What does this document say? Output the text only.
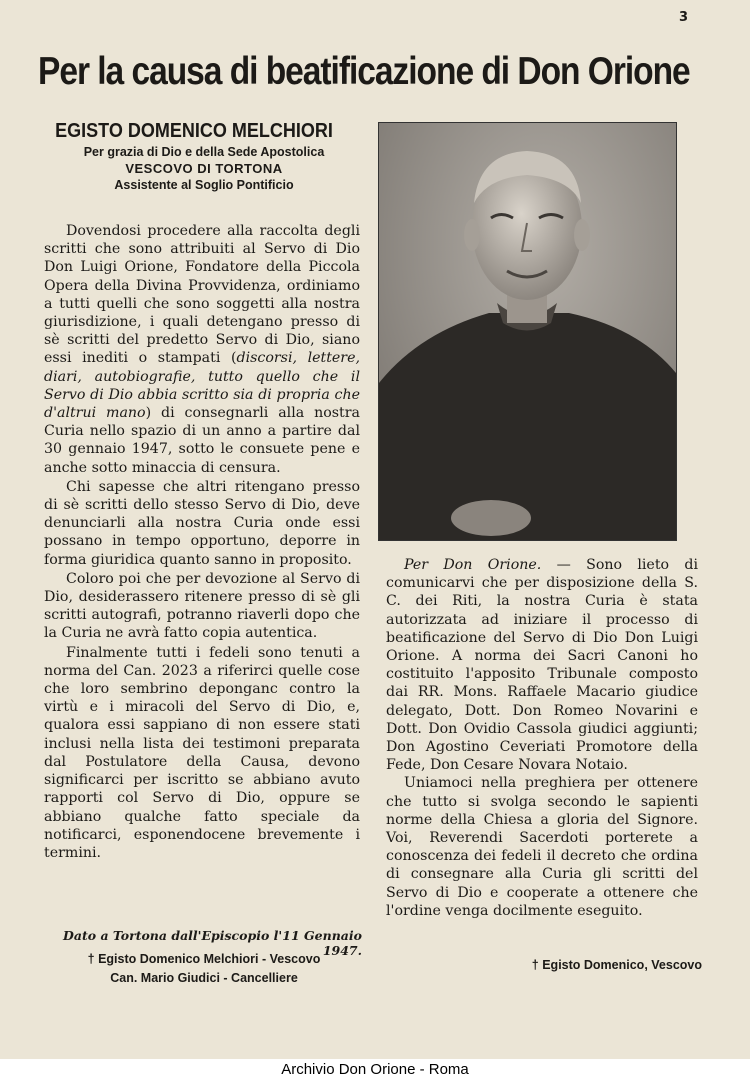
3
Per la causa di beatificazione di Don Orione
EGISTO DOMENICO MELCHIORI
Per grazia di Dio e della Sede Apostolica
VESCOVO DI TORTONA
Assistente al Soglio Pontificio

Dovendosi procedere alla raccolta degli scritti che sono attribuiti al Servo di Dio Don Luigi Orione, Fondatore della Piccola Opera della Divina Provvidenza, ordiniamo a tutti quelli che sono soggetti alla nostra giurisdizione, i quali detengano presso di sè scritti del predetto Servo di Dio, siano essi inediti o stampati (discorsi, lettere, diari, autobiografie, tutto quello che il Servo di Dio abbia scritto sia di propria che d'altrui mano) di consegnarli alla nostra Curia nello spazio di un anno a partire dal 30 gennaio 1947, sotto le consuete pene e anche sotto minaccia di censura.

Chi sapesse che altri ritengano presso di sè scritti dello stesso Servo di Dio, deve denunciarli alla nostra Curia onde essi possano in tempo opportuno, deporre in forma giuridica quanto sanno in proposito.

Coloro poi che per devozione al Servo di Dio, desiderassero ritenere presso di sè gli scritti autografi, potranno riaverli dopo che la Curia ne avrà fatto copia autentica.

Finalmente tutti i fedeli sono tenuti a norma del Can. 2023 a riferirci quelle cose che loro sembrino deponganc contro la virtù e i miracoli del Servo di Dio, e, qualora essi sappiano di non essere stati inclusi nella lista dei testimoni preparata dal Postulatore della Causa, devono significarci per iscritto se abbiano avuto rapporti col Servo di Dio, oppure se abbiano qualche fatto speciale da notificarci, esponendocene brevemente i termini.

Dato a Tortona dall'Episcopio l'11 Gennaio 1947.
† Egisto Domenico Melchiori - Vescovo
Can. Mario Giudici - Cancelliere

Per Don Orione. — Sono lieto di comunicarvi che per disposizione della S. C. dei Riti, la nostra Curia è stata autorizzata ad iniziare il processo di beatificazione del Servo di Dio Don Luigi Orione. A norma dei Sacri Canoni ho costituito l'apposito Tribunale composto dai RR. Mons. Raffaele Macario giudice delegato, Dott. Don Romeo Novarini e Dott. Don Ovidio Cassola giudici aggiunti; Don Agostino Ceveriati Promotore della Fede, Don Cesare Novara Notaio.

Uniamoci nella preghiera per ottenere che tutto si svolga secondo le sapienti norme della Chiesa a gloria del Signore. Voi, Reverendi Sacerdoti porterete a conoscenza dei fedeli il decreto che ordina di consegnare alla Curia gli scritti del Servo di Dio e cooperate a ottenere che l'ordine venga docilmente eseguito.

† Egisto Domenico, Vescovo
Archivio Don Orione - Roma
